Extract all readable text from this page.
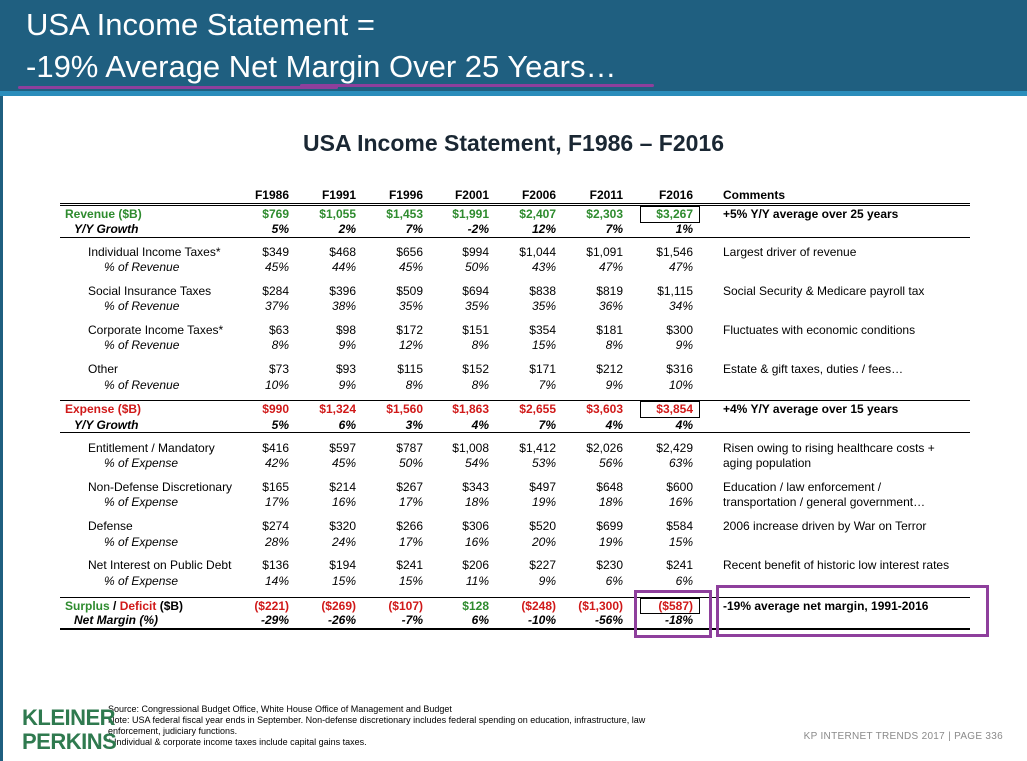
USA Income Statement =
-19% Average Net Margin Over 25 Years…
USA Income Statement, F1986 – F2016
F1986	F1991	F1996	F2001	F2006	F2011	F2016	Comments
Revenue ($B)	$769	$1,055	$1,453	$1,991	$2,407	$2,303	$3,267	+5% Y/Y average over 25 years
Y/Y Growth	5%	2%	7%	-2%	12%	7%	1%
Individual Income Taxes*	$349	$468	$656	$994	$1,044	$1,091	$1,546	Largest driver of revenue
% of Revenue	45%	44%	45%	50%	43%	47%	47%
Social Insurance Taxes	$284	$396	$509	$694	$838	$819	$1,115	Social Security & Medicare payroll tax
% of Revenue	37%	38%	35%	35%	35%	36%	34%
Corporate Income Taxes*	$63	$98	$172	$151	$354	$181	$300	Fluctuates with economic conditions
% of Revenue	8%	9%	12%	8%	15%	8%	9%
Other	$73	$93	$115	$152	$171	$212	$316	Estate & gift taxes, duties / fees…
% of Revenue	10%	9%	8%	8%	7%	9%	10%
Expense ($B)	$990	$1,324	$1,560	$1,863	$2,655	$3,603	$3,854	+4% Y/Y average over 15 years
Y/Y Growth	5%	6%	3%	4%	7%	4%	4%
Entitlement / Mandatory	$416	$597	$787	$1,008	$1,412	$2,026	$2,429	Risen owing to rising healthcare costs +
% of Expense	42%	45%	50%	54%	53%	56%	63%	aging population
Non-Defense Discretionary	$165	$214	$267	$343	$497	$648	$600	Education / law enforcement /
% of Expense	17%	16%	17%	18%	19%	18%	16%	transportation / general government…
Defense	$274	$320	$266	$306	$520	$699	$584	2006 increase driven by War on Terror
% of Expense	28%	24%	17%	16%	20%	19%	15%
Net Interest on Public Debt	$136	$194	$241	$206	$227	$230	$241	Recent benefit of historic low interest rates
% of Expense	14%	15%	15%	11%	9%	6%	6%
Surplus / Deficit ($B)	($221)	($269)	($107)	$128	($248)	($1,300)	($587)	-19% average net margin, 1991-2016
Net Margin (%)	-29%	-26%	-7%	6%	-10%	-56%	-18%
Source: Congressional Budget Office, White House Office of Management and Budget
Note: USA federal fiscal year ends in September. Non-defense discretionary includes federal spending on education, infrastructure, law
enforcement, judiciary functions.
* Individual & corporate income taxes include capital gains taxes.
KLEINER
PERKINS	KP INTERNET TRENDS 2017 | PAGE 336
